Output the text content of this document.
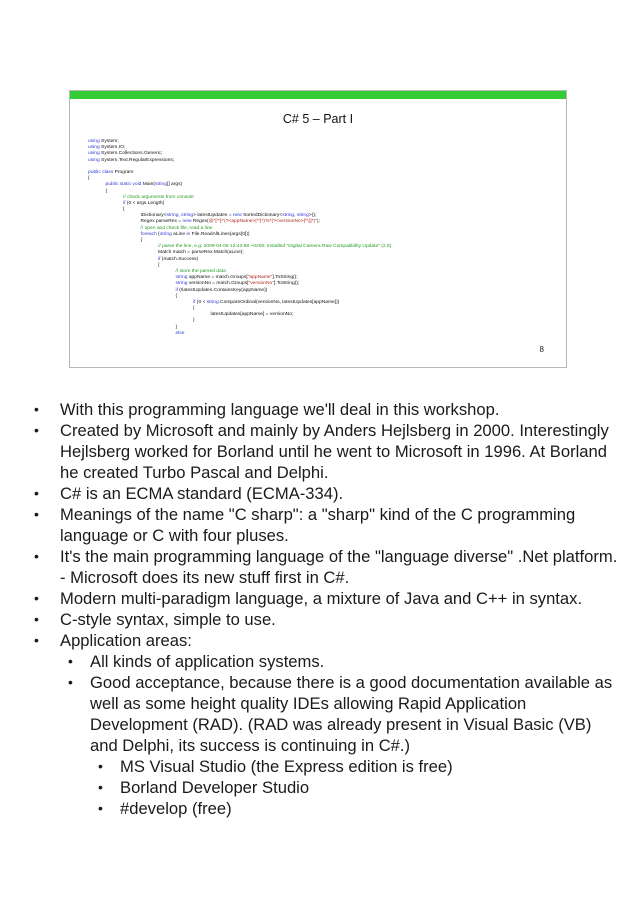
C# 5 – Part I
using System;
using System.IO;
using System.Collections.Generic;
using System.Text.RegularExpressions;
public class Program
{
public static void Main(string[] args)
{
// check arguments from console
if (0 < args.Length)
{
IDictionary<string, string> latestUpdates = new SortedDictionary<string, string>();
Regex parseRex = new Regex(@"[^']*'(?<appName>[^']*)'\s*(?<versionNo>[^\(]*)");
// open and check file, read a line
foreach (string aLine in File.ReadAllLines(args[0]))
{
// parse the line, e.g. 2009-04-06 12:42:58 +0200: Installed "Digital Camera Raw Compatibility Update" (2.5)
Match match = parseRex.Match(aLine);
if (match.Success)
{
// store the parsed data
string appName = match.Groups["appName"].ToString();
string versionNo = match.Groups["versionNo"].ToString();
if (!latestUpdates.ContainsKey(appName))
{
if (0 < string.CompareOrdinal(versionNo, latestUpdates[appName]))
{
latestUpdates[appName] = versionNo;
}
}
else
8
• With this programming language we'll deal in this workshop.
• Created by Microsoft and mainly by Anders Hejlsberg in 2000. Interestingly Hejlsberg worked for Borland until he went to Microsoft in 1996. At Borland he created Turbo Pascal and Delphi.
• C# is an ECMA standard (ECMA-334).
• Meanings of the name "C sharp": a "sharp" kind of the C programming language or C with four pluses.
• It's the main programming language of the "language diverse" .Net platform. - Microsoft does its new stuff first in C#.
• Modern multi-paradigm language, a mixture of Java and C++ in syntax.
• C-style syntax, simple to use.
• Application areas:
• All kinds of application systems.
• Good acceptance, because there is a good documentation available as well as some height quality IDEs allowing Rapid Application Development (RAD). (RAD was already present in Visual Basic (VB) and Delphi, its success is continuing in C#.)
• MS Visual Studio (the Express edition is free)
• Borland Developer Studio
• #develop (free)
